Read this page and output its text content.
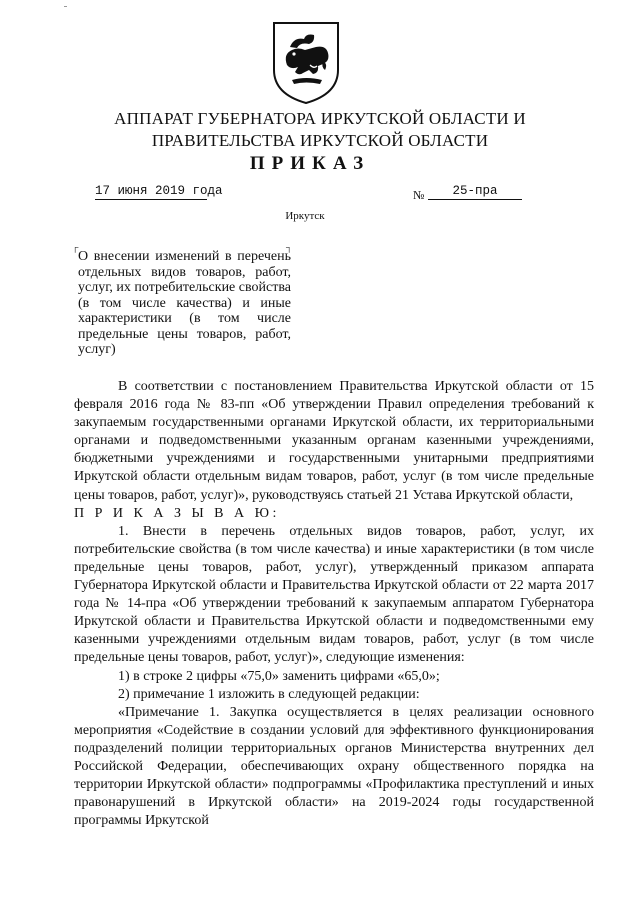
АППАРАТ ГУБЕРНАТОРА ИРКУТСКОЙ ОБЛАСТИ И
ПРАВИТЕЛЬСТВА ИРКУТСКОЙ ОБЛАСТИ
ПРИКАЗ
17 июня 2019 года	№	25-пра
Иркутск
┌	┐
О внесении изменений в перечень отдельных видов товаров, работ, услуг, их потребительские свойства (в том числе качества) и иные характеристики (в том числе предельные цены товаров, работ, услуг)

В соответствии с постановлением Правительства Иркутской области от 15 февраля 2016 года № 83-пп «Об утверждении Правил определения требований к закупаемым государственными органами Иркутской области, их территориальными органами и подведомственными указанным органам казенными учреждениями, бюджетными учреждениями и государственными унитарными предприятиями Иркутской области отдельным видам товаров, работ, услуг (в том числе предельные цены товаров, работ, услуг)», руководствуясь статьей 21 Устава Иркутской области,

П Р И К А З Ы В А Ю:

1. Внести в перечень отдельных видов товаров, работ, услуг, их потребительские свойства (в том числе качества) и иные характеристики (в том числе предельные цены товаров, работ, услуг), утвержденный приказом аппарата Губернатора Иркутской области и Правительства Иркутской области от 22 марта 2017 года № 14-пра «Об утверждении требований к закупаемым аппаратом Губернатора Иркутской области и Правительства Иркутской области и подведомственными ему казенными учреждениями отдельным видам товаров, работ, услуг (в том числе предельные цены товаров, работ, услуг)», следующие изменения:

1) в строке 2 цифры «75,0» заменить цифрами «65,0»;

2) примечание 1 изложить в следующей редакции:

«Примечание 1. Закупка осуществляется в целях реализации основного мероприятия «Содействие в создании условий для эффективного функционирования подразделений полиции территориальных органов Министерства внутренних дел Российской Федерации, обеспечивающих охрану общественного порядка на территории Иркутской области» подпрограммы «Профилактика преступлений и иных правонарушений в Иркутской области» на 2019-2024 годы государственной программы Иркутской
